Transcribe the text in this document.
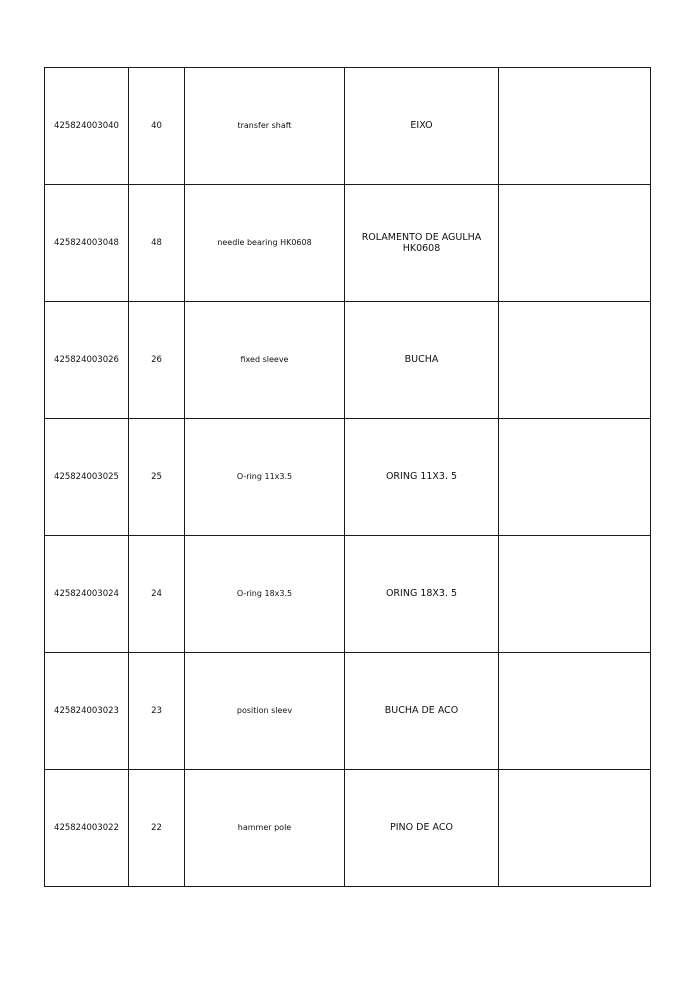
425824003040	40	transfer shaft	EIXO	
425824003048	48	needle bearing HK0608	ROLAMENTO DE AGULHA HK0608	
425824003026	26	fixed sleeve	BUCHA	
425824003025	25	O-ring 11x3.5	ORING 11X3. 5	
425824003024	24	O-ring 18x3.5	ORING 18X3. 5	
425824003023	23	position sleev	BUCHA DE ACO	
425824003022	22	hammer pole	PINO DE ACO	
